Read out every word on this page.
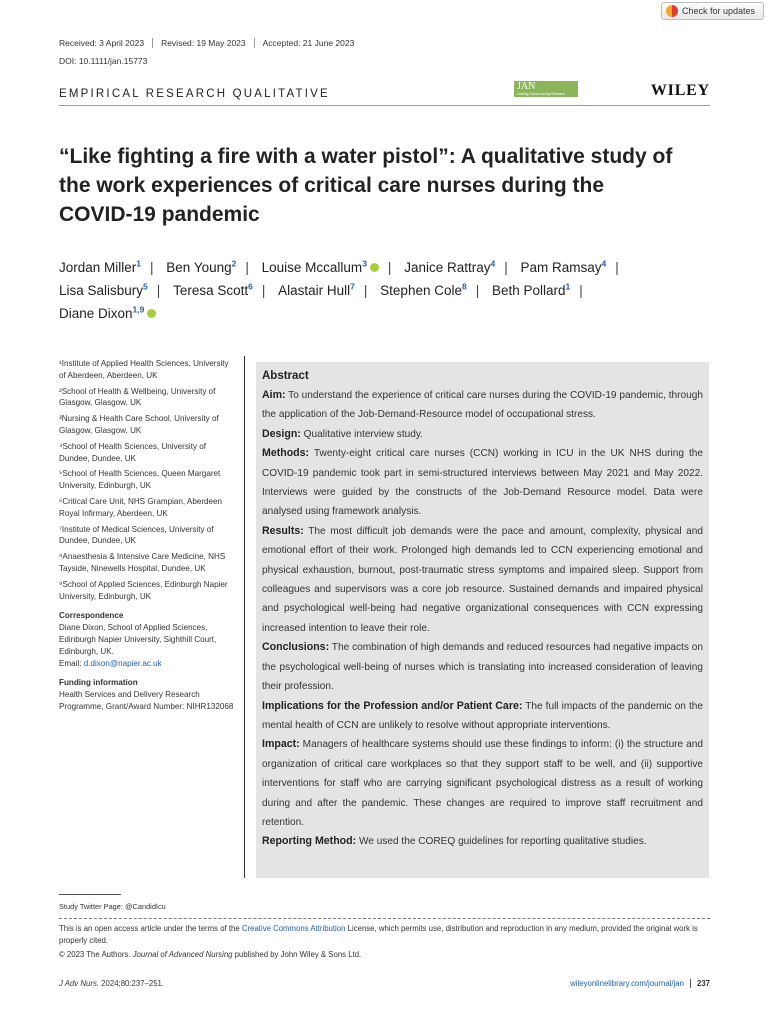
Check for updates
Received: 3 April 2023	Revised: 19 May 2023	Accepted: 21 June 2023
DOI: 10.1111/jan.15773
EMPIRICAL RESEARCH QUALITATIVE
JAN
Leading Global Nursing Research	WILEY
“Like fighting a fire with a water pistol”: A qualitative study of the work experiences of critical care nurses during the COVID-19 pandemic
Jordan Miller$^1$ | Ben Young$^2$ | Louise Mccallum$^3$ | Janice Rattray$^4$ | Pam Ramsay$^4$ |
Lisa Salisbury$^5$ | Teresa Scott$^6$ | Alastair Hull$^7$ | Stephen Cole$^8$ | Beth Pollard$^1$ |
Diane Dixon$^{1,9}$
¹Institute of Applied Health Sciences, University of Aberdeen, Aberdeen, UK
²School of Health & Wellbeing, University of Glasgow, Glasgow, UK
³Nursing & Health Care School, University of Glasgow, Glasgow, UK
⁴School of Health Sciences, University of Dundee, Dundee, UK
⁵School of Health Sciences, Queen Margaret University, Edinburgh, UK
⁶Critical Care Unit, NHS Grampian, Aberdeen Royal Infirmary, Aberdeen, UK
⁷Institute of Medical Sciences, University of Dundee, Dundee, UK
⁸Anaesthesia & Intensive Care Medicine, NHS Tayside, Ninewells Hospital, Dundee, UK
⁹School of Applied Sciences, Edinburgh Napier University, Edinburgh, UK
Correspondence
Diane Dixon, School of Applied Sciences, Edinburgh Napier University, Sighthill Court, Edinburgh, UK.
Email: d.dixon@napier.ac.uk
Funding information
Health Services and Delivery Research Programme, Grant/Award Number: NIHR132068
Abstract
Aim: To understand the experience of critical care nurses during the COVID-19 pandemic, through the application of the Job-Demand-Resource model of occupational stress.
Design: Qualitative interview study.
Methods: Twenty-eight critical care nurses (CCN) working in ICU in the UK NHS during the COVID-19 pandemic took part in semi-structured interviews between May 2021 and May 2022. Interviews were guided by the constructs of the Job-Demand Resource model. Data were analysed using framework analysis.
Results: The most difficult job demands were the pace and amount, complexity, physical and emotional effort of their work. Prolonged high demands led to CCN experiencing emotional and physical exhaustion, burnout, post-traumatic stress symptoms and impaired sleep. Support from colleagues and supervisors was a core job resource. Sustained demands and impaired physical and psychological well-being had negative organizational consequences with CCN expressing increased intention to leave their role.
Conclusions: The combination of high demands and reduced resources had negative impacts on the psychological well-being of nurses which is translating into increased consideration of leaving their profession.
Implications for the Profession and/or Patient Care: The full impacts of the pandemic on the mental health of CCN are unlikely to resolve without appropriate interventions.
Impact: Managers of healthcare systems should use these findings to inform: (i) the structure and organization of critical care workplaces so that they support staff to be well, and (ii) supportive interventions for staff who are carrying significant psychological distress as a result of working during and after the pandemic. These changes are required to improve staff recruitment and retention.
Reporting Method: We used the COREQ guidelines for reporting qualitative studies.
Study Twitter Page: @CandidIcu
This is an open access article under the terms of the Creative Commons Attribution License, which permits use, distribution and reproduction in any medium, provided the original work is properly cited.
© 2023 The Authors. Journal of Advanced Nursing published by John Wiley & Sons Ltd.
J Adv Nurs. 2024;80:237–251.	wileyonlinelibrary.com/journal/jan	237
